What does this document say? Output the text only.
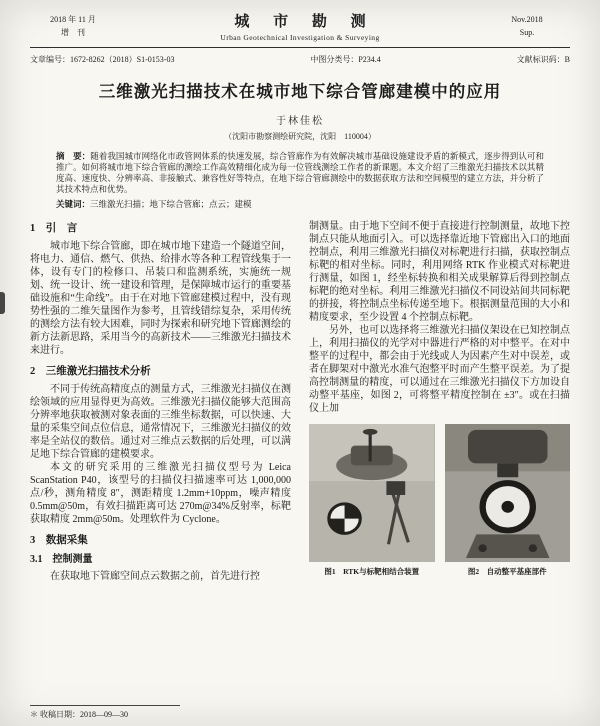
2018 年 11 月
增　刊
城 市 勘 测
Urban Geotechnical Investigation & Surveying
Nov.2018
Sup.
文章编号：1672-8262（2018）S1-0153-03	中图分类号：P234.4	文献标识码：B
三维激光扫描技术在城市地下综合管廊建模中的应用
于林佳松
（沈阳市勘察测绘研究院，沈阳　110004）
摘　要：随着我国城市网络化市政管网体系的快速发展，综合管廊作为有效解决城市基础设施建设矛盾的新模式，逐步得到认可和推广。如何将城市地下综合管廊的测绘工作高效精细化成为每一位管线测绘工作者的新课题。本文介绍了三维激光扫描技术以其精度高、速度快、分辨率高、非接触式、兼容性好等特点，在地下综合管廊测绘中的数据获取方法和空间模型的建立方法，并分析了其技术特点和优势。
关键词：三维激光扫描；地下综合管廊；点云；建模
1　引　言

城市地下综合管廊，即在城市地下建造一个隧道空间，将电力、通信、燃气、供热、给排水等各种工程管线集于一体，设有专门的检修口、吊装口和监测系统，实施统一规划、统一设计、统一建设和管理，是保障城市运行的重要基础设施和“生命线”。由于在对地下管廊建模过程中，没有现势性强的二维矢量图作为参考，且管线错综复杂，采用传统的测绘方法有较大困难，同时为探索和研究地下管廊测绘的新方法新思路，采用当今的高新技术——三维激光扫描技术来进行。

2　三维激光扫描技术分析

不同于传统高精度点的测量方式，三维激光扫描仪在测绘领域的应用显得更为高效。三维激光扫描仪能够大范围高分辨率地获取被测对象表面的三维坐标数据，可以快速、大量的采集空间点位信息，通常情况下，三维激光扫描仪的效率是全站仪的数倍。通过对三维点云数据的后处理，可以满足地下综合管廊的建模要求。

本文的研究采用的三维激光扫描仪型号为 Leica ScanStation P40，该型号的扫描仪扫描速率可达 1,000,000 点/秒，测角精度 8″，测距精度 1.2mm+10ppm，噪声精度 0.5mm@50m，有效扫描距离可达 270m@34%反射率，标靶获取精度 2mm@50m。处理软件为 Cyclone。

3　数据采集
3.1　控制测量

在获取地下管廊空间点云数据之前，首先进行控

制测量。由于地下空间不便于直接进行控制测量，故地下控制点只能从地面引入。可以选择靠近地下管廊出入口的地面控制点，利用三维激光扫描仪对标靶进行扫描，获取控制点标靶的相对坐标。同时，利用网络 RTK 作业模式对标靶进行测量，如图 1，经坐标转换和相关成果解算后得到控制点标靶的绝对坐标。利用三维激光扫描仪不同设站间共同标靶的拼接，将控制点坐标传递至地下。根据测量范围的大小和精度要求，至少设置 4 个控制点标靶。

另外，也可以选择将三维激光扫描仪架设在已知控制点上，利用扫描仪的光学对中器进行严格的对中整平。在对中整平的过程中，都会由于光线或人为因素产生对中误差，或者在脚架对中激光水准气泡整平时而产生整平误差。为了提高控制测量的精度，可以通过在三维激光扫描仪下方加设自动整平基座，如图 2，可将整平精度控制在 ±3″。或在扫描仪上加

图1　RTK与标靶相结合装置	图2　自动整平基座部件
＊ 收稿日期：2018—09—30
